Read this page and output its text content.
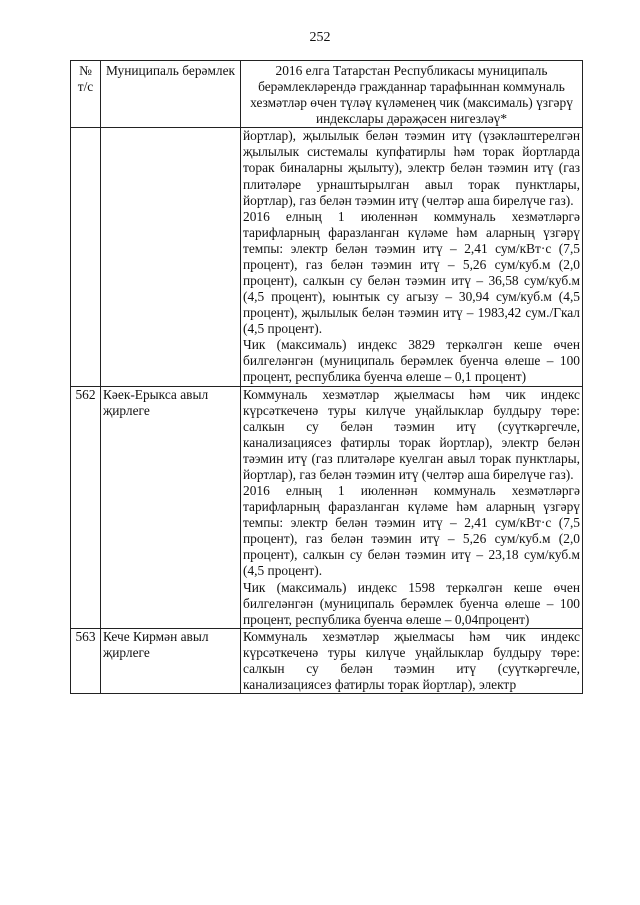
252
№ т/с	Муниципаль берәмлек	2016 елга Татарстан Республикасы муниципаль берәмлекләрендә гражданнар тарафыннан коммуналь хезмәтләр өчен түләү күләменең чик (максималь) үзгәрү индекслары дәрәҗәсен нигезләү*

		йортлар), җылылык белән тәэмин итү (үзәкләштерелгән җылылык системалы купфатирлы һәм торак йортларда торак биналарны җылыту), электр белән тәэмин итү (газ плитәләре урнаштырылган авыл торак пунктлары, йортлар), газ белән тәэмин итү (челтәр аша бирелүче газ).

2016 елның 1 июленнән коммуналь хезмәтләргә тарифларның фаразланган күләме һәм аларның үзгәрү темпы: электр белән тәэмин итү – 2,41 сум/кВт·с (7,5 процент), газ белән тәэмин итү – 5,26 сум/куб.м (2,0 процент), салкын су белән тәэмин итү – 36,58 сум/куб.м (4,5 процент), юынтык су агызу – 30,94 сум/куб.м (4,5 процент), җылылык белән тәэмин итү – 1983,42 сум./Гкал (4,5 процент).

Чик (максималь) индекс 3829 теркәлгән кеше өчен билгеләнгән (муниципаль берәмлек буенча өлеше – 100 процент, республика буенча өлеше – 0,1 процент)

562	Кәек-Ерыкса авыл җирлеге	Коммуналь хезмәтләр җыелмасы һәм чик индекс күрсәткеченә туры килүче уңайлыклар булдыру төре: салкын су белән тәэмин итү (суүткәргечле, канализациясез фатирлы торак йортлар), электр белән тәэмин итү (газ плитәләре куелган авыл торак пунктлары, йортлар), газ белән тәэмин итү (челтәр аша бирелүче газ).

2016 елның 1 июленнән коммуналь хезмәтләргә тарифларның фаразланган күләме һәм аларның үзгәрү темпы: электр белән тәэмин итү – 2,41 сум/кВт·с (7,5 процент), газ белән тәэмин итү – 5,26 сум/куб.м (2,0 процент), салкын су белән тәэмин итү – 23,18 сум/куб.м (4,5 процент).

Чик (максималь) индекс 1598 теркәлгән кеше өчен билгеләнгән (муниципаль берәмлек буенча өлеше – 100 процент, республика буенча өлеше – 0,04процент)

563	Кече Кирмән авыл җирлеге	Коммуналь хезмәтләр җыелмасы һәм чик индекс күрсәткеченә туры килүче уңайлыклар булдыру төре: салкын су белән тәэмин итү (суүткәргечле, канализациясез фатирлы торак йортлар), электр
